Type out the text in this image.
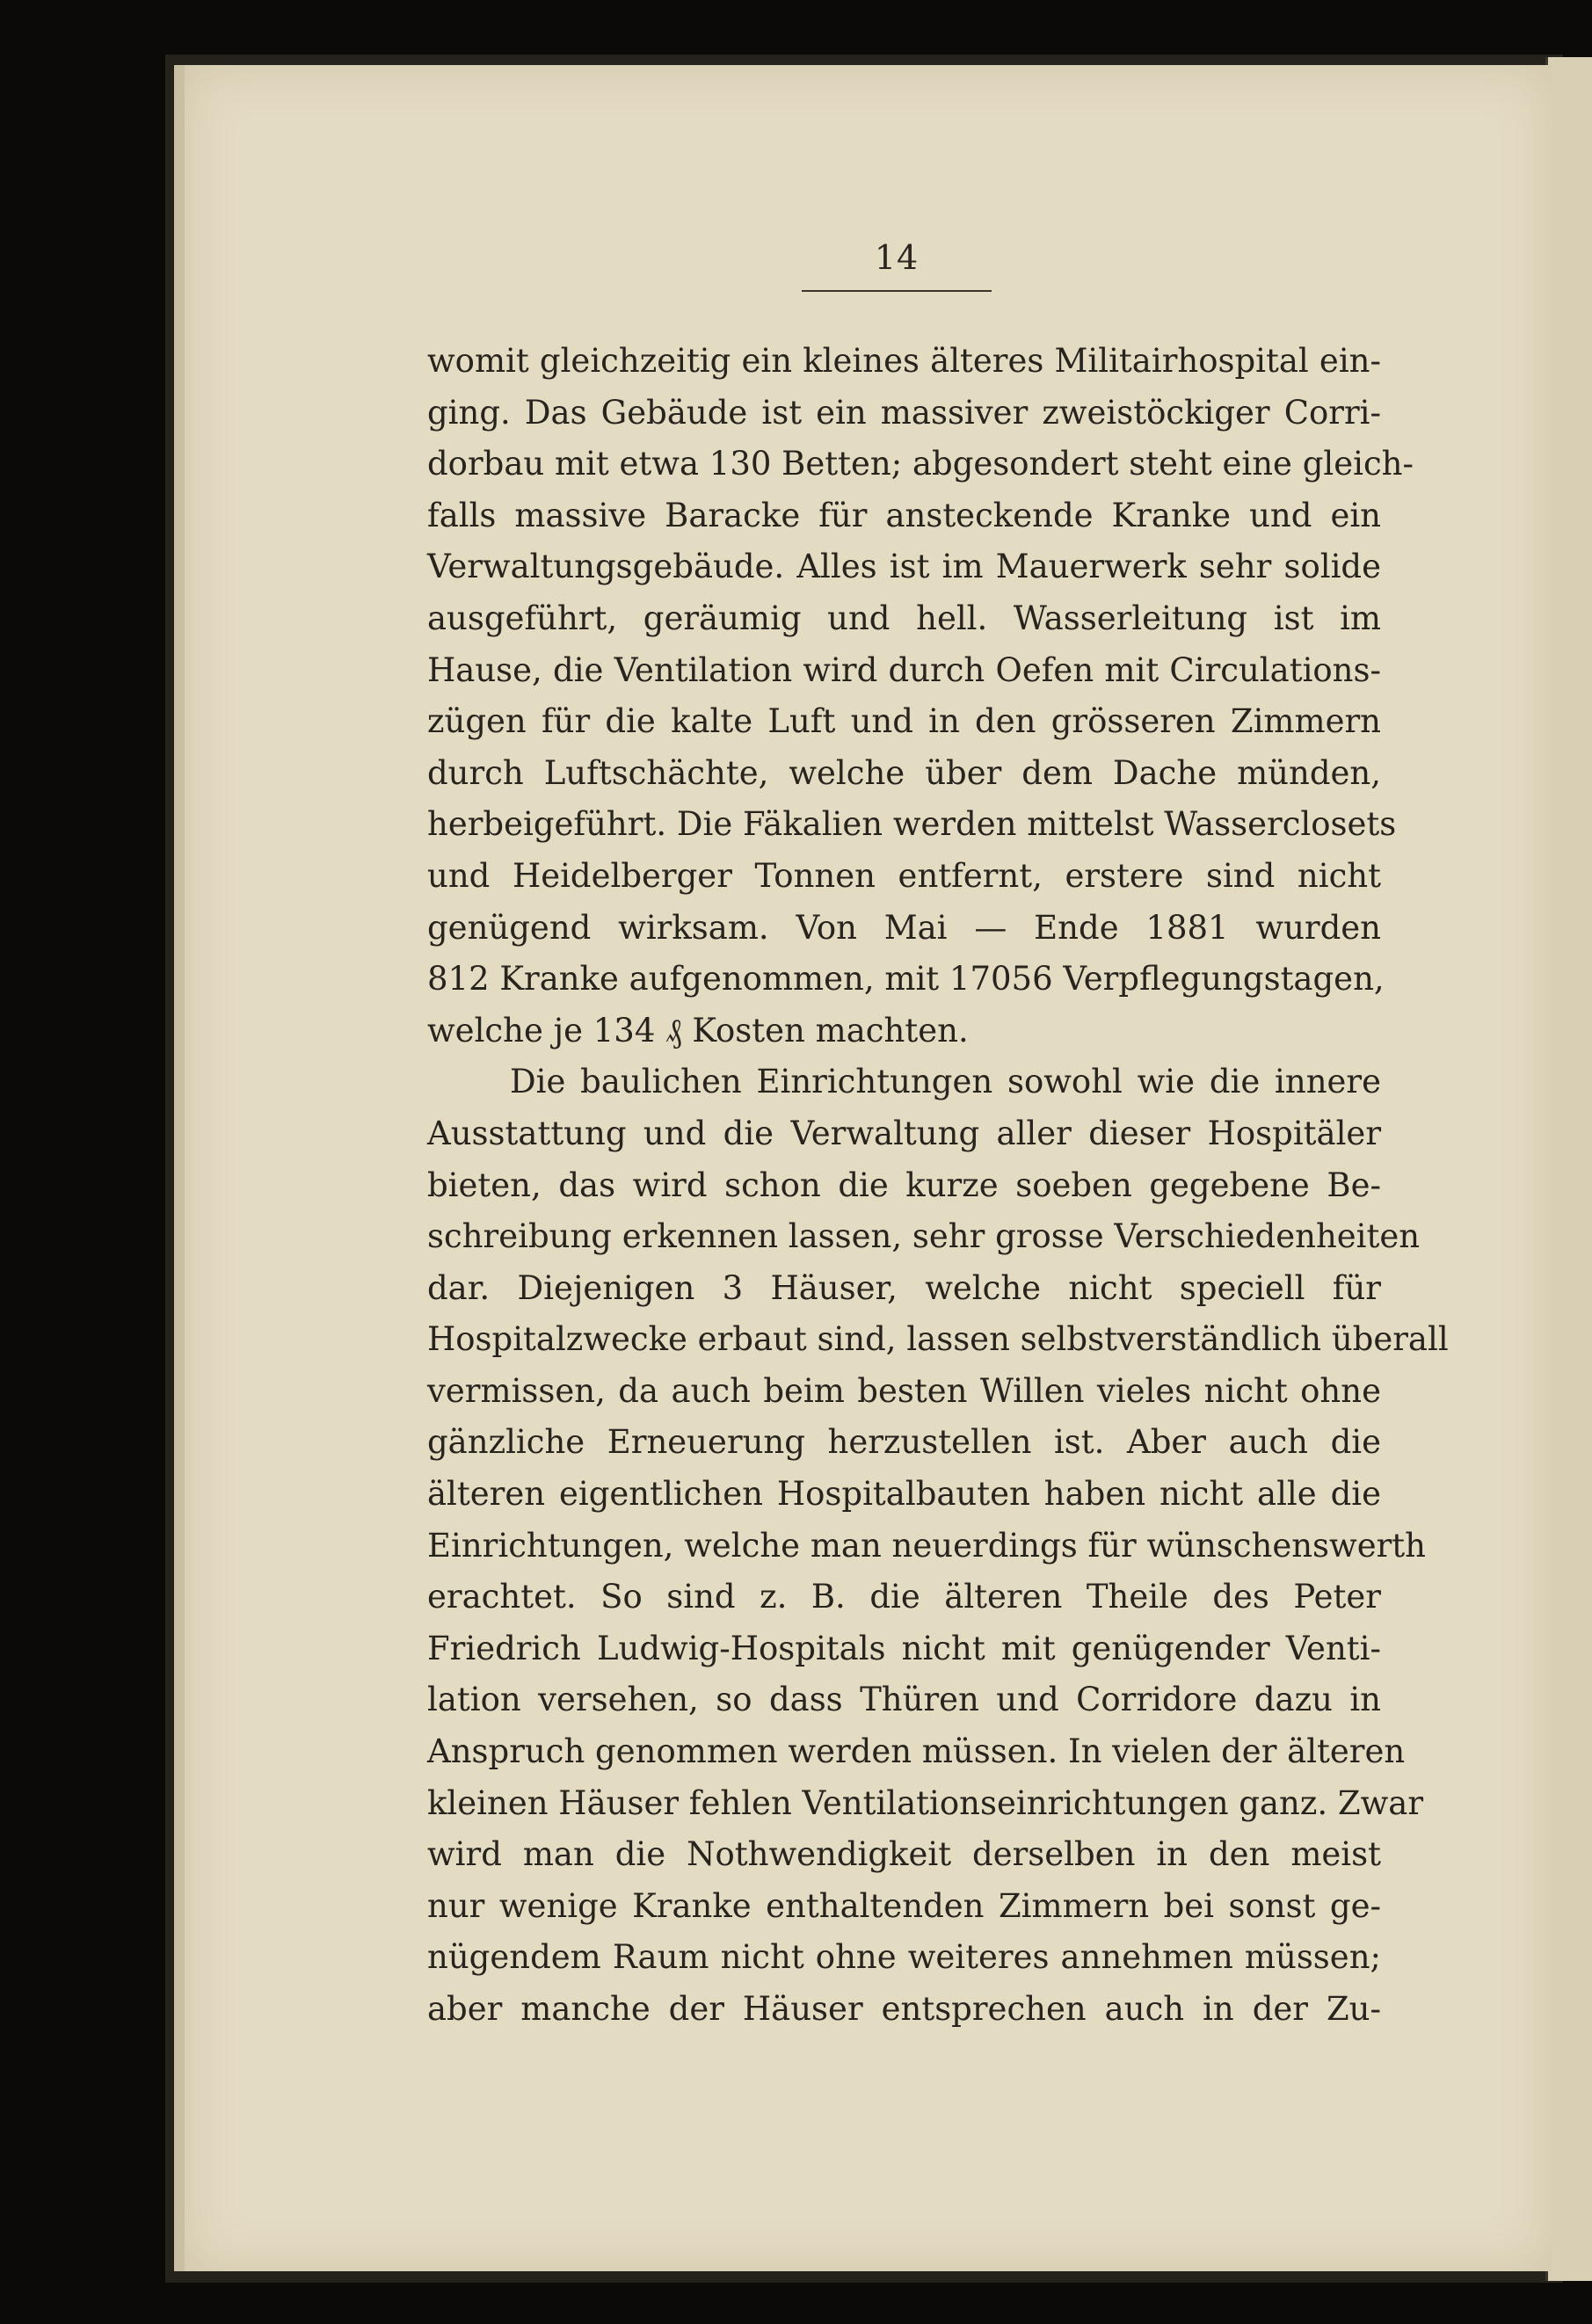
14
womit gleichzeitig ein kleines älteres Militairhospital ein-
ging. Das Gebäude ist ein massiver zweistöckiger Corri-
dorbau mit etwa 130 Betten; abgesondert steht eine gleich-
falls massive Baracke für ansteckende Kranke und ein
Verwaltungsgebäude. Alles ist im Mauerwerk sehr solide
ausgeführt, geräumig und hell. Wasserleitung ist im
Hause, die Ventilation wird durch Oefen mit Circulations-
zügen für die kalte Luft und in den grösseren Zimmern
durch Luftschächte, welche über dem Dache münden,
herbeigeführt. Die Fäkalien werden mittelst Wasserclosets
und Heidelberger Tonnen entfernt, erstere sind nicht
genügend wirksam. Von Mai — Ende 1881 wurden
812 Kranke aufgenommen, mit 17056 Verpflegungstagen,
welche je 134 ₰ Kosten machten.
Die baulichen Einrichtungen sowohl wie die innere
Ausstattung und die Verwaltung aller dieser Hospitäler
bieten, das wird schon die kurze soeben gegebene Be-
schreibung erkennen lassen, sehr grosse Verschiedenheiten
dar. Diejenigen 3 Häuser, welche nicht speciell für
Hospitalzwecke erbaut sind, lassen selbstverständlich überall
vermissen, da auch beim besten Willen vieles nicht ohne
gänzliche Erneuerung herzustellen ist. Aber auch die
älteren eigentlichen Hospitalbauten haben nicht alle die
Einrichtungen, welche man neuerdings für wünschenswerth
erachtet. So sind z. B. die älteren Theile des Peter
Friedrich Ludwig-Hospitals nicht mit genügender Venti-
lation versehen, so dass Thüren und Corridore dazu in
Anspruch genommen werden müssen. In vielen der älteren
kleinen Häuser fehlen Ventilationseinrichtungen ganz. Zwar
wird man die Nothwendigkeit derselben in den meist
nur wenige Kranke enthaltenden Zimmern bei sonst ge-
nügendem Raum nicht ohne weiteres annehmen müssen;
aber manche der Häuser entsprechen auch in der Zu-
